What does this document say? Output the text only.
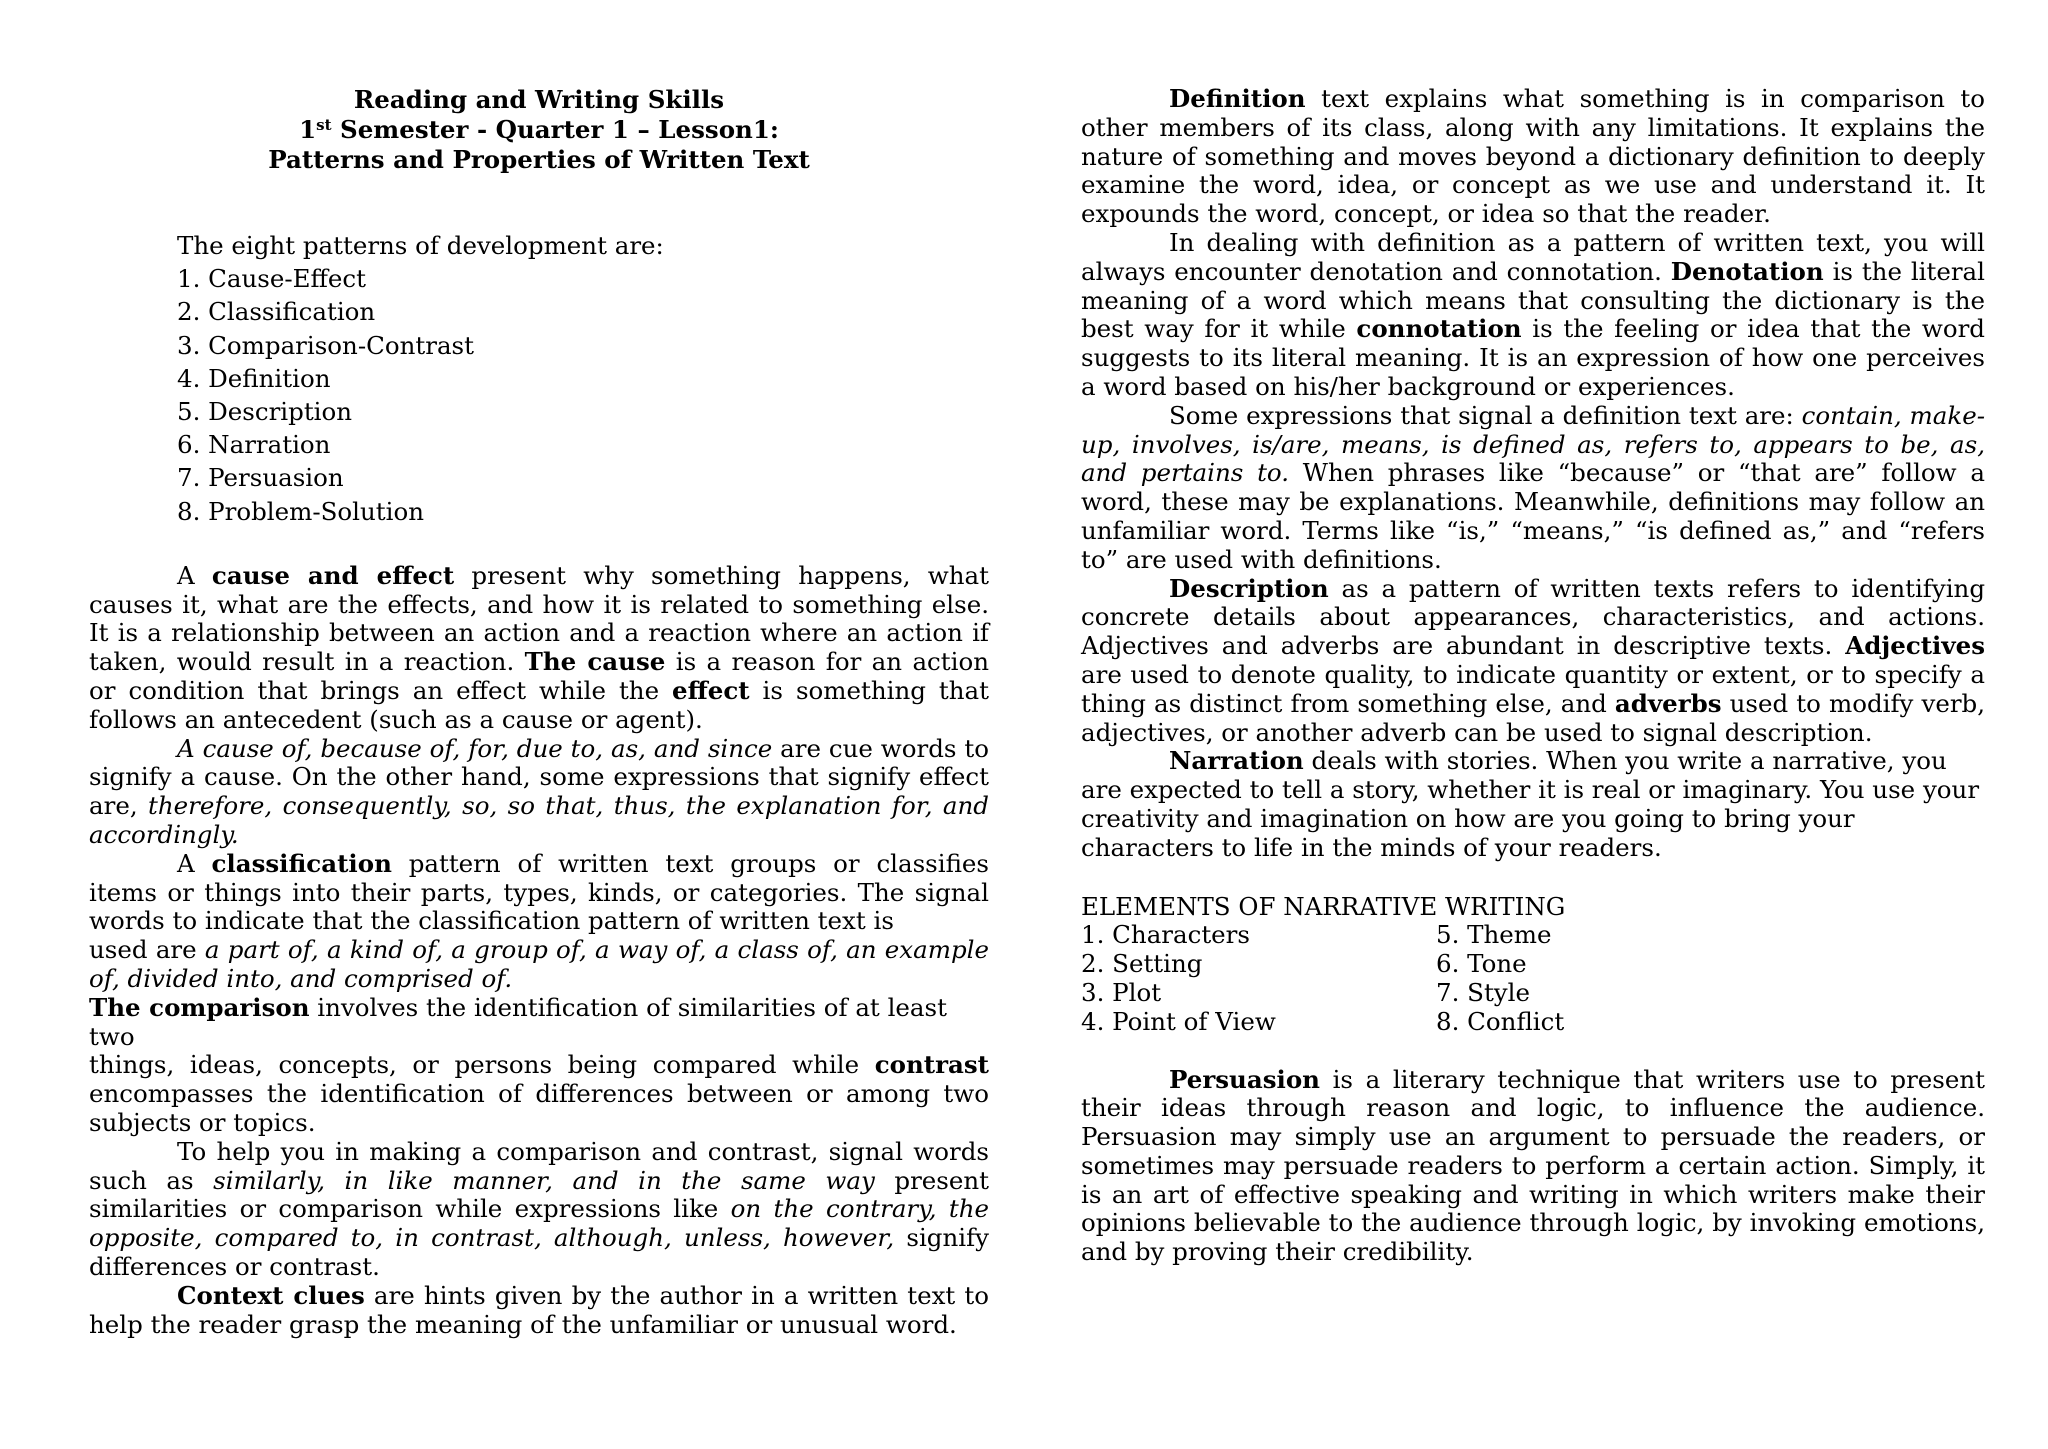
Reading and Writing Skills
1st Semester - Quarter 1 – Lesson1:
Patterns and Properties of Written Text
The eight patterns of development are:
1. Cause-Effect
2. Classification
3. Comparison-Contrast
4. Definition
5. Description
6. Narration
7. Persuasion
8. Problem-Solution

A cause and effect present why something happens, what causes it, what are the effects, and how it is related to something else. It is a relationship between an action and a reaction where an action if taken, would result in a reaction. The cause is a reason for an action or condition that brings an effect while the effect is something that follows an antecedent (such as a cause or agent).

A cause of, because of, for, due to, as, and since are cue words to signify a cause. On the other hand, some expressions that signify effect are, therefore, consequently, so, so that, thus, the explanation for, and accordingly.

A classification pattern of written text groups or classifies items or things into their parts, types, kinds, or categories. The signal words to indicate that the classification pattern of written text is

used are a part of, a kind of, a group of, a way of, a class of, an example of, divided into, and comprised of.

The comparison involves the identification of similarities of at least two

things, ideas, concepts, or persons being compared while contrast encompasses the identification of differences between or among two subjects or topics.

To help you in making a comparison and contrast, signal words such as similarly, in like manner, and in the same way present similarities or comparison while expressions like on the contrary, the opposite, compared to, in contrast, although, unless, however, signify differences or contrast.

Context clues are hints given by the author in a written text to help the reader grasp the meaning of the unfamiliar or unusual word.

Definition text explains what something is in comparison to other members of its class, along with any limitations. It explains the nature of something and moves beyond a dictionary definition to deeply examine the word, idea, or concept as we use and understand it. It expounds the word, concept, or idea so that the reader.

In dealing with definition as a pattern of written text, you will always encounter denotation and connotation. Denotation is the literal meaning of a word which means that consulting the dictionary is the best way for it while connotation is the feeling or idea that the word suggests to its literal meaning. It is an expression of how one perceives a word based on his/her background or experiences.

Some expressions that signal a definition text are: contain, make-up, involves, is/are, means, is defined as, refers to, appears to be, as, and pertains to. When phrases like “because” or “that are” follow a word, these may be explanations. Meanwhile, definitions may follow an unfamiliar word. Terms like “is,” “means,” “is defined as,” and “refers to” are used with definitions.

Description as a pattern of written texts refers to identifying concrete details about appearances, characteristics, and actions. Adjectives and adverbs are abundant in descriptive texts. Adjectives are used to denote quality, to indicate quantity or extent, or to specify a thing as distinct from something else, and adverbs used to modify verb, adjectives, or another adverb can be used to signal description.

Narration deals with stories. When you write a narrative, you are expected to tell a story, whether it is real or imaginary. You use your creativity and imagination on how are you going to bring your characters to life in the minds of your readers.

ELEMENTS OF NARRATIVE WRITING
1. Characters	5. Theme
2. Setting	6. Tone
3. Plot	7. Style
4. Point of View	8. Conflict

Persuasion is a literary technique that writers use to present their ideas through reason and logic, to influence the audience. Persuasion may simply use an argument to persuade the readers, or sometimes may persuade readers to perform a certain action. Simply, it is an art of effective speaking and writing in which writers make their opinions believable to the audience through logic, by invoking emotions, and by proving their credibility.
